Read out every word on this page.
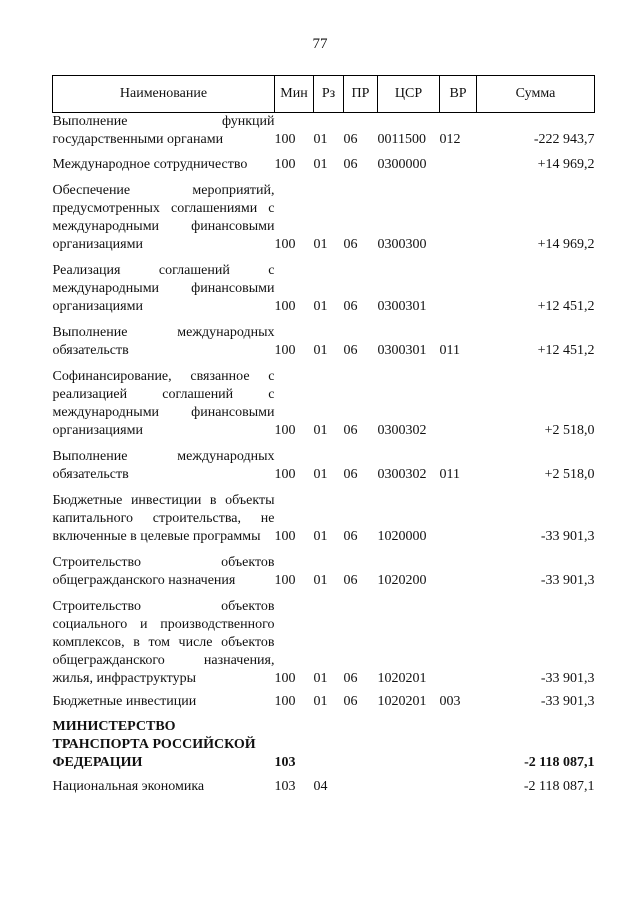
77
Наименование	Мин	Рз	ПР	ЦСР	ВР	Сумма
Выполнение функций государственными органами	100	01	06	0011500	012	-222 943,7
Международное сотрудничество	100	01	06	0300000		+14 969,2
Обеспечение мероприятий, предусмотренных соглашениями с международными финансовыми организациями	100	01	06	0300300		+14 969,2
Реализация соглашений с международными финансовыми организациями	100	01	06	0300301		+12 451,2
Выполнение международных обязательств	100	01	06	0300301	011	+12 451,2
Софинансирование, связанное с реализацией соглашений с международными финансовыми организациями	100	01	06	0300302		+2 518,0
Выполнение международных обязательств	100	01	06	0300302	011	+2 518,0
Бюджетные инвестиции в объекты капитального строительства, не включенные в целевые программы	100	01	06	1020000		-33 901,3
Строительство объектов общегражданского назначения	100	01	06	1020200		-33 901,3
Строительство объектов социального и производственного комплексов, в том числе объектов общегражданского назначения, жилья, инфраструктуры	100	01	06	1020201		-33 901,3
Бюджетные инвестиции	100	01	06	1020201	003	-33 901,3
МИНИСТЕРСТВО ТРАНСПОРТА РОССИЙСКОЙ ФЕДЕРАЦИИ	103					-2 118 087,1
Национальная экономика	103	04				-2 118 087,1
